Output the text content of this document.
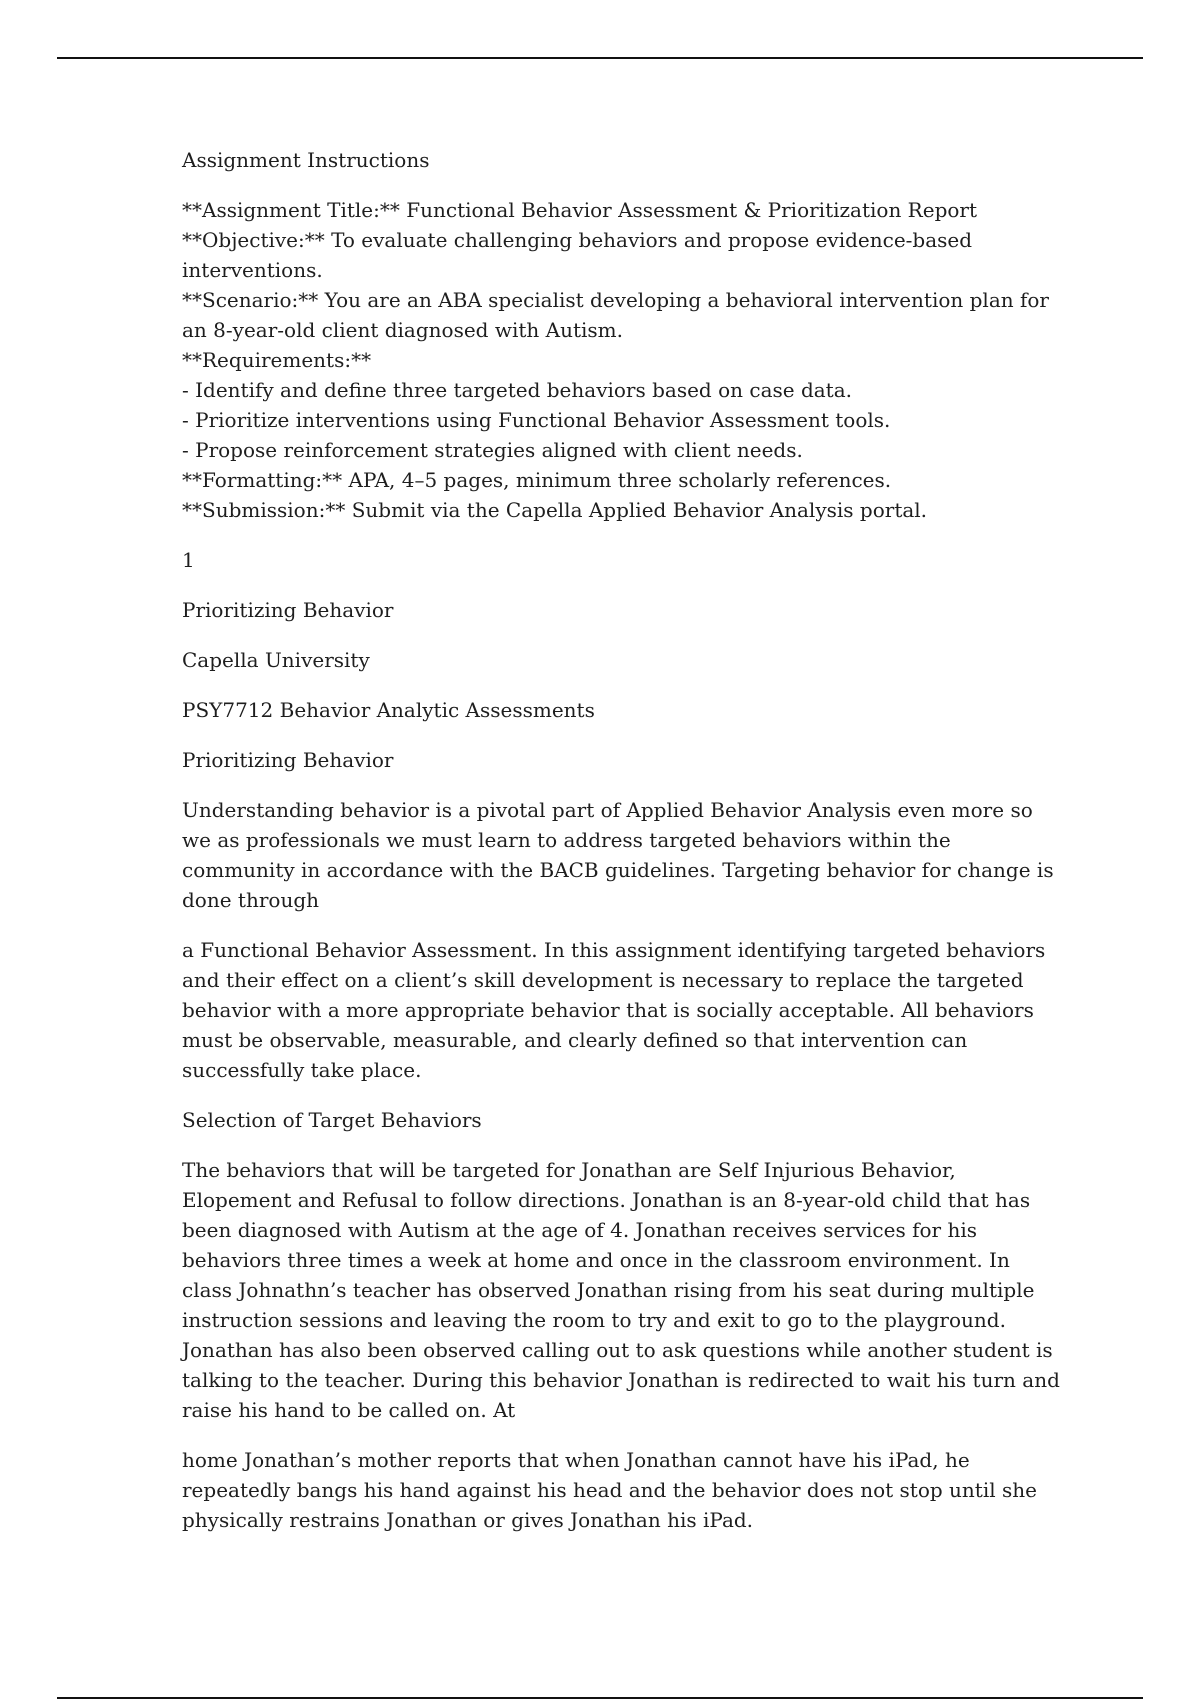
Assignment Instructions

**Assignment Title:** Functional Behavior Assessment & Prioritization Report
**Objective:** To evaluate challenging behaviors and propose evidence-based interventions.
**Scenario:** You are an ABA specialist developing a behavioral intervention plan for an 8-year-old client diagnosed with Autism.
**Requirements:**
- Identify and define three targeted behaviors based on case data.
- Prioritize interventions using Functional Behavior Assessment tools.
- Propose reinforcement strategies aligned with client needs.
**Formatting:** APA, 4–5 pages, minimum three scholarly references.
**Submission:** Submit via the Capella Applied Behavior Analysis portal.

1

Prioritizing Behavior

Capella University

PSY7712 Behavior Analytic Assessments

Prioritizing Behavior

Understanding behavior is a pivotal part of Applied Behavior Analysis even more so we as professionals we must learn to address targeted behaviors within the community in accordance with the BACB guidelines. Targeting behavior for change is done through

a Functional Behavior Assessment. In this assignment identifying targeted behaviors and their effect on a client’s skill development is necessary to replace the targeted behavior with a more appropriate behavior that is socially acceptable. All behaviors must be observable, measurable, and clearly defined so that intervention can successfully take place.

Selection of Target Behaviors

The behaviors that will be targeted for Jonathan are Self Injurious Behavior, Elopement and Refusal to follow directions. Jonathan is an 8-year-old child that has been diagnosed with Autism at the age of 4. Jonathan receives services for his behaviors three times a week at home and once in the classroom environment. In class Johnathn’s teacher has observed Jonathan rising from his seat during multiple instruction sessions and leaving the room to try and exit to go to the playground. Jonathan has also been observed calling out to ask questions while another student is talking to the teacher. During this behavior Jonathan is redirected to wait his turn and raise his hand to be called on. At

home Jonathan’s mother reports that when Jonathan cannot have his iPad, he repeatedly bangs his hand against his head and the behavior does not stop until she physically restrains Jonathan or gives Jonathan his iPad.
